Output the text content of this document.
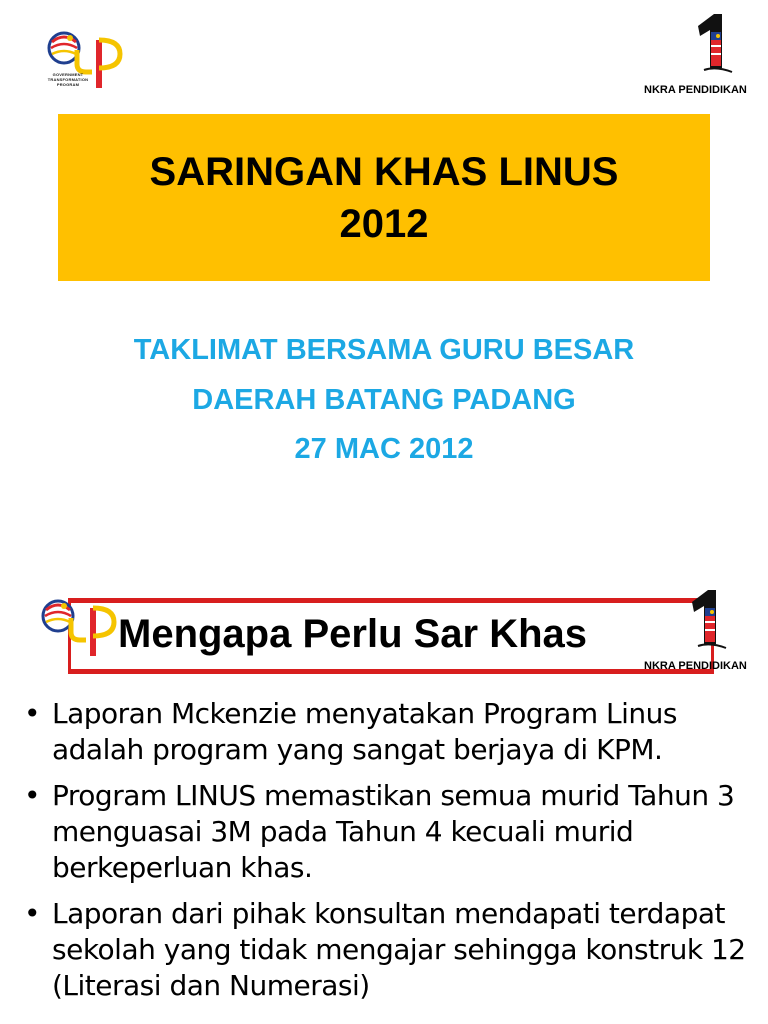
GOVERNMENT
TRANSFORMATION
PROGRAM	NKRA PENDIDIKAN
SARINGAN KHAS LINUS
2012
TAKLIMAT BERSAMA GURU BESAR
DAERAH BATANG PADANG
27 MAC 2012
Mengapa Perlu Sar Khas
NKRA PENDIDIKAN
• Laporan Mckenzie menyatakan Program Linus adalah program yang sangat berjaya di KPM.
• Program LINUS memastikan semua murid Tahun 3 menguasai 3M pada Tahun 4 kecuali murid berkeperluan khas.
• Laporan dari pihak konsultan mendapati terdapat sekolah yang tidak mengajar sehingga konstruk 12 (Literasi dan Numerasi)
